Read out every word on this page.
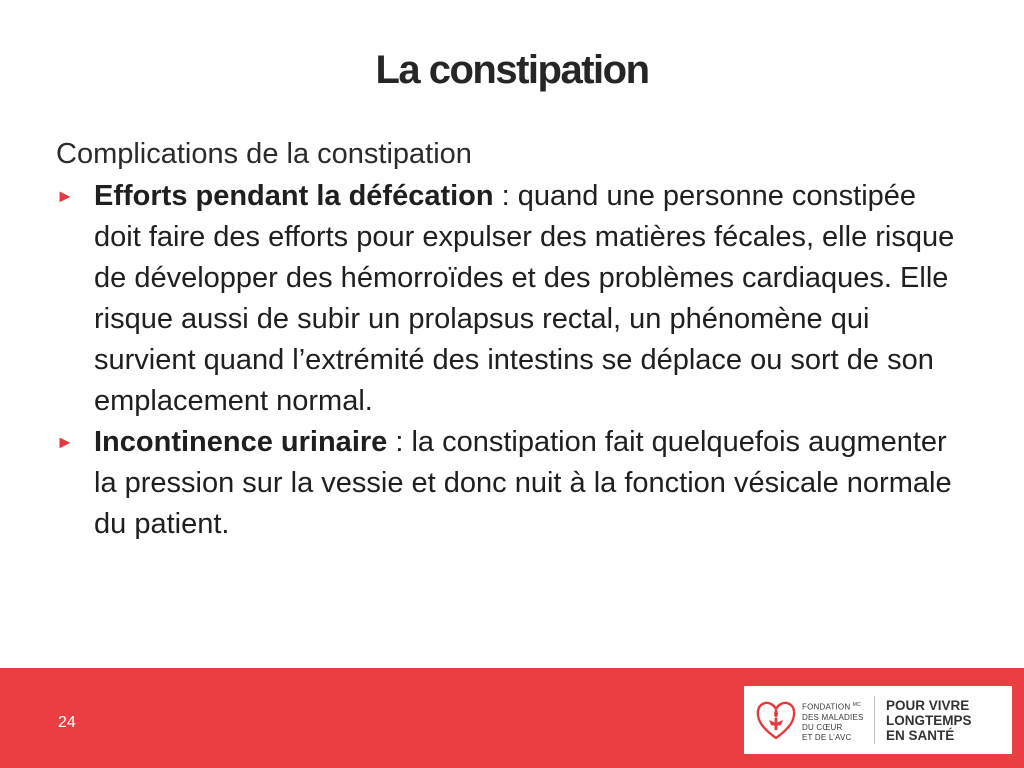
La constipation

Complications de la constipation

► Efforts pendant la défécation : quand une personne constipée doit faire des efforts pour expulser des matières fécales, elle risque de développer des hémorroïdes et des problèmes cardiaques. Elle risque aussi de subir un prolapsus rectal, un phénomène qui survient quand l’extrémité des intestins se déplace ou sort de son emplacement normal.
► Incontinence urinaire : la constipation fait quelquefois augmenter la pression sur la vessie et donc nuit à la fonction vésicale normale du patient.
24
FONDATION $^{MC}$
DES MALADIES
DU CŒUR
ET DE L’AVC
POUR VIVRE
LONGTEMPS
EN SANTÉ
